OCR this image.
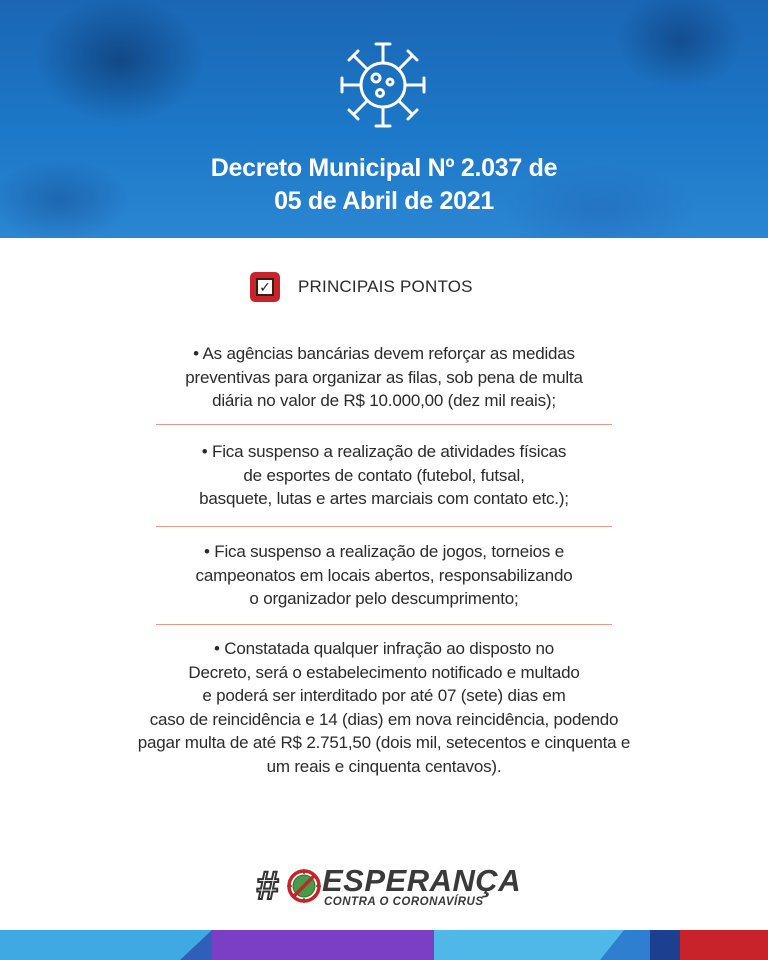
Decreto Municipal Nº 2.037 de
05 de Abril de 2021
✓ PRINCIPAIS PONTOS
• As agências bancárias devem reforçar as medidas
preventivas para organizar as filas, sob pena de multa
diária no valor de R$ 10.000,00 (dez mil reais);
• Fica suspenso a realização de atividades físicas
de esportes de contato (futebol, futsal,
basquete, lutas e artes marciais com contato etc.);
• Fica suspenso a realização de jogos, torneios e
campeonatos em locais abertos, responsabilizando
o organizador pelo descumprimento;
• Constatada qualquer infração ao disposto no
Decreto, será o estabelecimento notificado e multado
e poderá ser interditado por até 07 (sete) dias em
caso de reincidência e 14 (dias) em nova reincidência, podendo
pagar multa de até R$ 2.751,50 (dois mil, setecentos e cinquenta e
um reais e cinquenta centavos).
# ESPERANÇA
CONTRA O CORONAVÍRUS
